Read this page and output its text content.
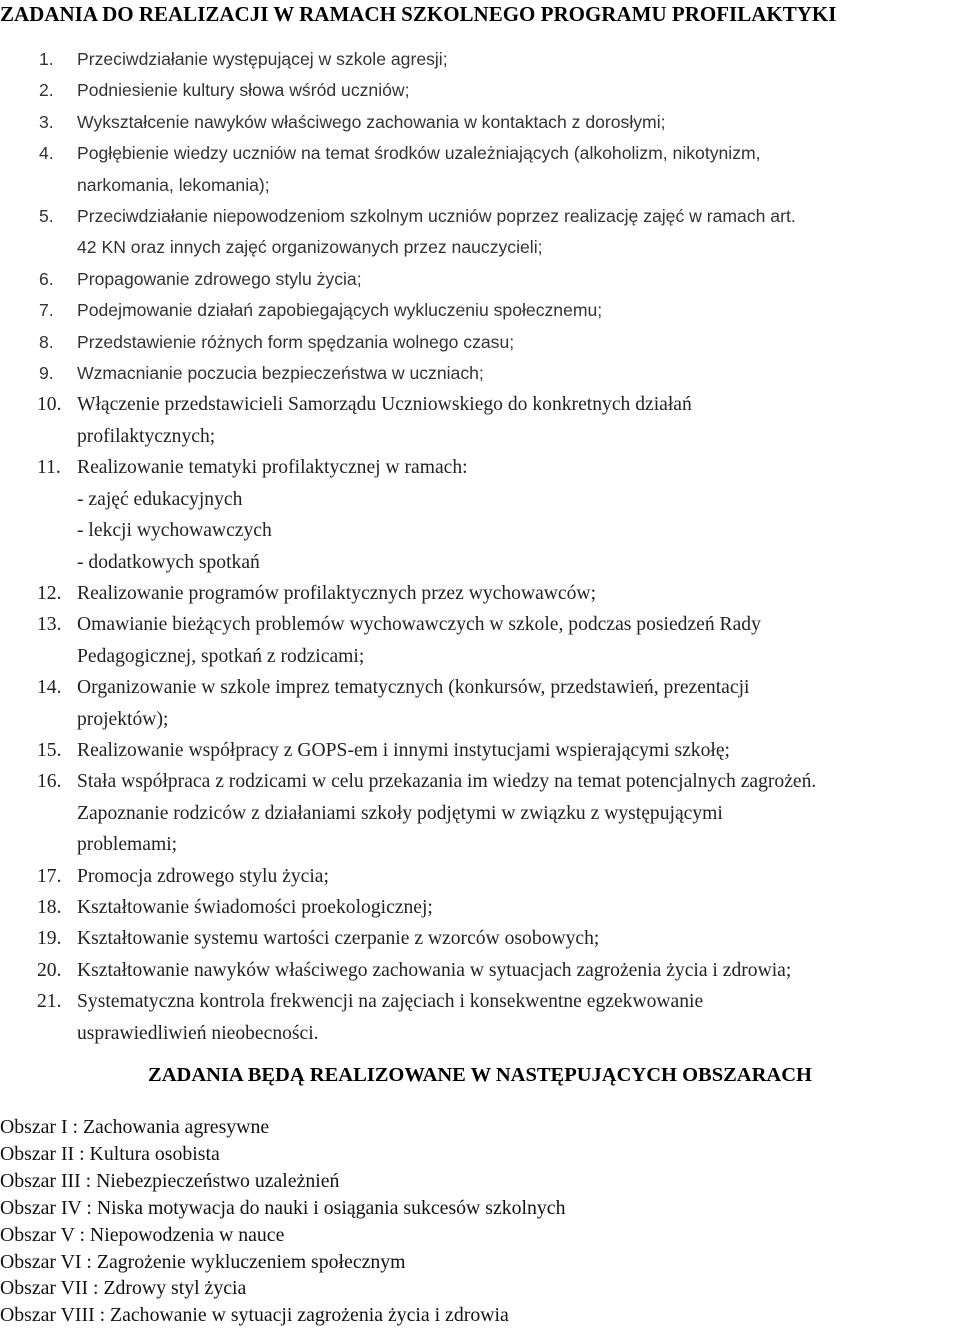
ZADANIA DO REALIZACJI W RAMACH SZKOLNEGO PROGRAMU PROFILAKTYKI
1. Przeciwdziałanie występującej w szkole agresji;
2. Podniesienie kultury słowa wśród uczniów;
3. Wykształcenie nawyków właściwego zachowania w kontaktach z dorosłymi;
4. Pogłębienie wiedzy uczniów na temat środków uzależniających (alkoholizm, nikotynizm,
narkomania, lekomania);
5. Przeciwdziałanie niepowodzeniom szkolnym uczniów poprzez realizację zajęć w ramach art.
42 KN oraz innych zajęć organizowanych przez nauczycieli;
6. Propagowanie zdrowego stylu życia;
7. Podejmowanie działań zapobiegających wykluczeniu społecznemu;
8. Przedstawienie różnych form spędzania wolnego czasu;
9. Wzmacnianie poczucia bezpieczeństwa w uczniach;
10. Włączenie przedstawicieli Samorządu Uczniowskiego do konkretnych działań
profilaktycznych;
11. Realizowanie tematyki profilaktycznej w ramach:
- zajęć edukacyjnych
- lekcji wychowawczych
- dodatkowych spotkań
12. Realizowanie programów profilaktycznych przez wychowawców;
13. Omawianie bieżących problemów wychowawczych w szkole, podczas posiedzeń Rady
Pedagogicznej, spotkań z rodzicami;
14. Organizowanie w szkole imprez tematycznych (konkursów, przedstawień, prezentacji
projektów);
15. Realizowanie współpracy z GOPS-em i innymi instytucjami wspierającymi szkołę;
16. Stała współpraca z rodzicami w celu przekazania im wiedzy na temat potencjalnych zagrożeń.
Zapoznanie rodziców z działaniami szkoły podjętymi w związku z występującymi
problemami;
17. Promocja zdrowego stylu życia;
18. Kształtowanie świadomości proekologicznej;
19. Kształtowanie systemu wartości czerpanie z wzorców osobowych;
20. Kształtowanie nawyków właściwego zachowania w sytuacjach zagrożenia życia i zdrowia;
21. Systematyczna kontrola frekwencji na zajęciach i konsekwentne egzekwowanie
usprawiedliwień nieobecności.
ZADANIA BĘDĄ REALIZOWANE W NASTĘPUJĄCYCH OBSZARACH
Obszar I : Zachowania agresywne
Obszar II : Kultura osobista
Obszar III : Niebezpieczeństwo uzależnień
Obszar IV : Niska motywacja do nauki i osiągania sukcesów szkolnych
Obszar V : Niepowodzenia w nauce
Obszar VI : Zagrożenie wykluczeniem społecznym
Obszar VII : Zdrowy styl życia
Obszar VIII : Zachowanie w sytuacji zagrożenia życia i zdrowia
